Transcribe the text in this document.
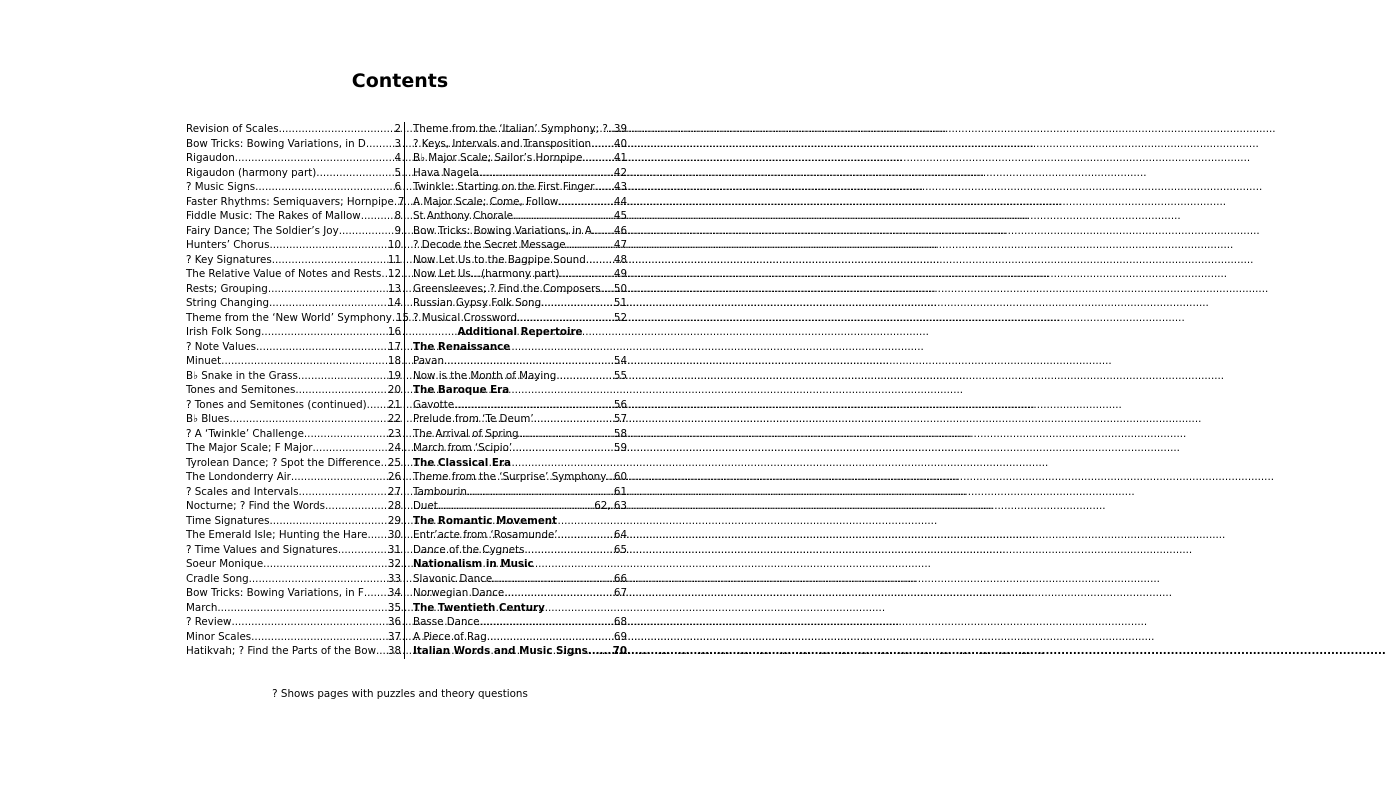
Contents
Revision of Scales .....	2
Bow Tricks: Bowing Variations, in D .....	3
Rigaudon .....	4
Rigaudon (harmony part) .....	5
? Music Signs .....	6
Faster Rhythms: Semiquavers; Hornpipe ..... 7
Fiddle Music: The Rakes of Mallow .....	8
Fairy Dance; The Soldier’s Joy .....	9
Hunters’ Chorus .....	10
? Key Signatures .....	11
The Relative Value of Notes and Rests ..... 12
Rests; Grouping .....	13
String Changing .....	14
Theme from the ‘New World’ Symphony ..... 15
Irish Folk Song .....	16
? Note Values .....	17
Minuet .....	18
B♭ Snake in the Grass .....	19
Tones and Semitones .....	20
? Tones and Semitones (continued) ..... 21
B♭ Blues .....	22
? A ‘Twinkle’ Challenge .....	23
The Major Scale; F Major .....	24
Tyrolean Dance; ? Spot the Difference ..... 25
The Londonderry Air .....	26
? Scales and Intervals .....	27
Nocturne; ? Find the Words .....	28
Time Signatures .....	29
The Emerald Isle; Hunting the Hare ..... 30
? Time Values and Signatures .....	31
Soeur Monique .....	32
Cradle Song .....	33
Bow Tricks: Bowing Variations, in F ..... 34
March .....	35
? Review .....	36
Minor Scales .....	37
Hatikvah; ? Find the Parts of the Bow ..... 38
Theme from the ‘Italian’ Symphony; ? ..... 39
? Keys, Intervals and Transposition ..... 40
B♭ Major Scale; Sailor’s Hornpipe .....	41
Hava Nagela .....	42
Twinkle: Starting on the First Finger ..... 43
A Major Scale; Come, Follow .....	44
St Anthony Chorale .....	45
Bow Tricks: Bowing Variations, in A ..... 46
? Decode the Secret Message .....	47
Now Let Us to the Bagpipe Sound .....	48
Now Let Us…(harmony part) .....	49
Greensleeves; ? Find the Composers ..... 50
Russian Gypsy Folk Song .....	51
? Musical Crossword .....	52
Additional Repertoire
The Renaissance
Pavan .....	54
Now is the Month of Maying .....	55
The Baroque Era
Gavotte .....	56
Prelude from ‘Te Deum’ .....	57
The Arrival of Spring .....	58
March from ‘Scipio’ .....	59
The Classical Era
Theme from the ‘Surprise’ Symphony ..... 60
Tambourin .....	61
Duet .....	62, 63
The Romantic Movement
Entr’acte from ‘Rosamunde’ .....	64
Dance of the Cygnets .....	65
Nationalism in Music
Slavonic Dance .....	66
Norwegian Dance .....	67
The Twentieth Century
Basse Dance .....	68
A Piece of Rag .....	69
Italian Words and Music Signs ..... 70
? Shows pages with puzzles and theory questions
